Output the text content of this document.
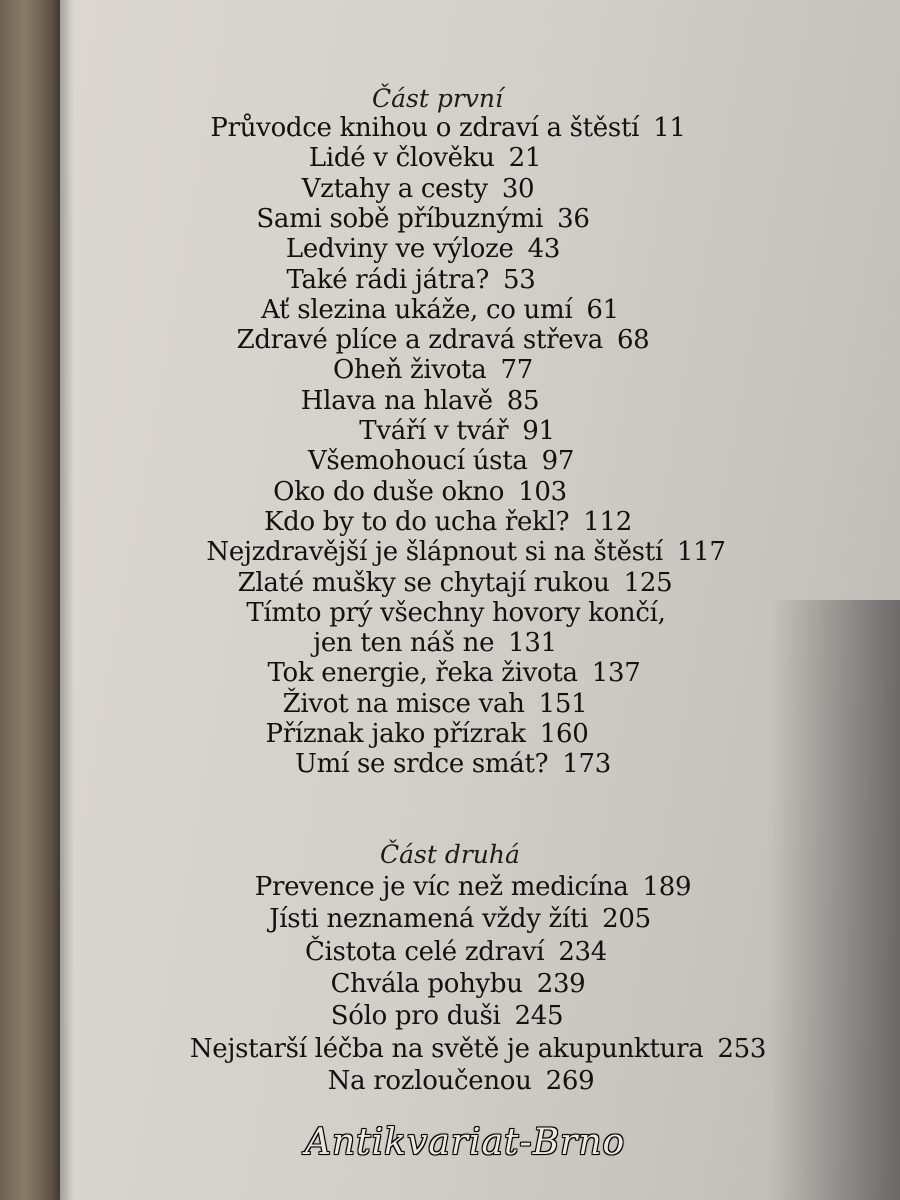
Část první
Průvodce knihou o zdraví a štěstí 11
Lidé v člověku 21
Vztahy a cesty 30
Sami sobě příbuznými 36
Ledviny ve výloze 43
Také rádi játra? 53
Ať slezina ukáže, co umí 61
Zdravé plíce a zdravá střeva 68
Oheň života 77
Hlava na hlavě 85
Tváří v tvář 91
Všemohoucí ústa 97
Oko do duše okno 103
Kdo by to do ucha řekl? 112
Nejzdravější je šlápnout si na štěstí 117
Zlaté mušky se chytají rukou 125
Tímto prý všechny hovory končí,
jen ten náš ne 131
Tok energie, řeka života 137
Život na misce vah 151
Příznak jako přízrak 160
Umí se srdce smát? 173
Část druhá
Prevence je víc než medicína 189
Jísti neznamená vždy žíti 205
Čistota celé zdraví 234
Chvála pohybu 239
Sólo pro duši 245
Nejstarší léčba na světě je akupunktura 253
Na rozloučenou 269
Antikvariat-Brno
